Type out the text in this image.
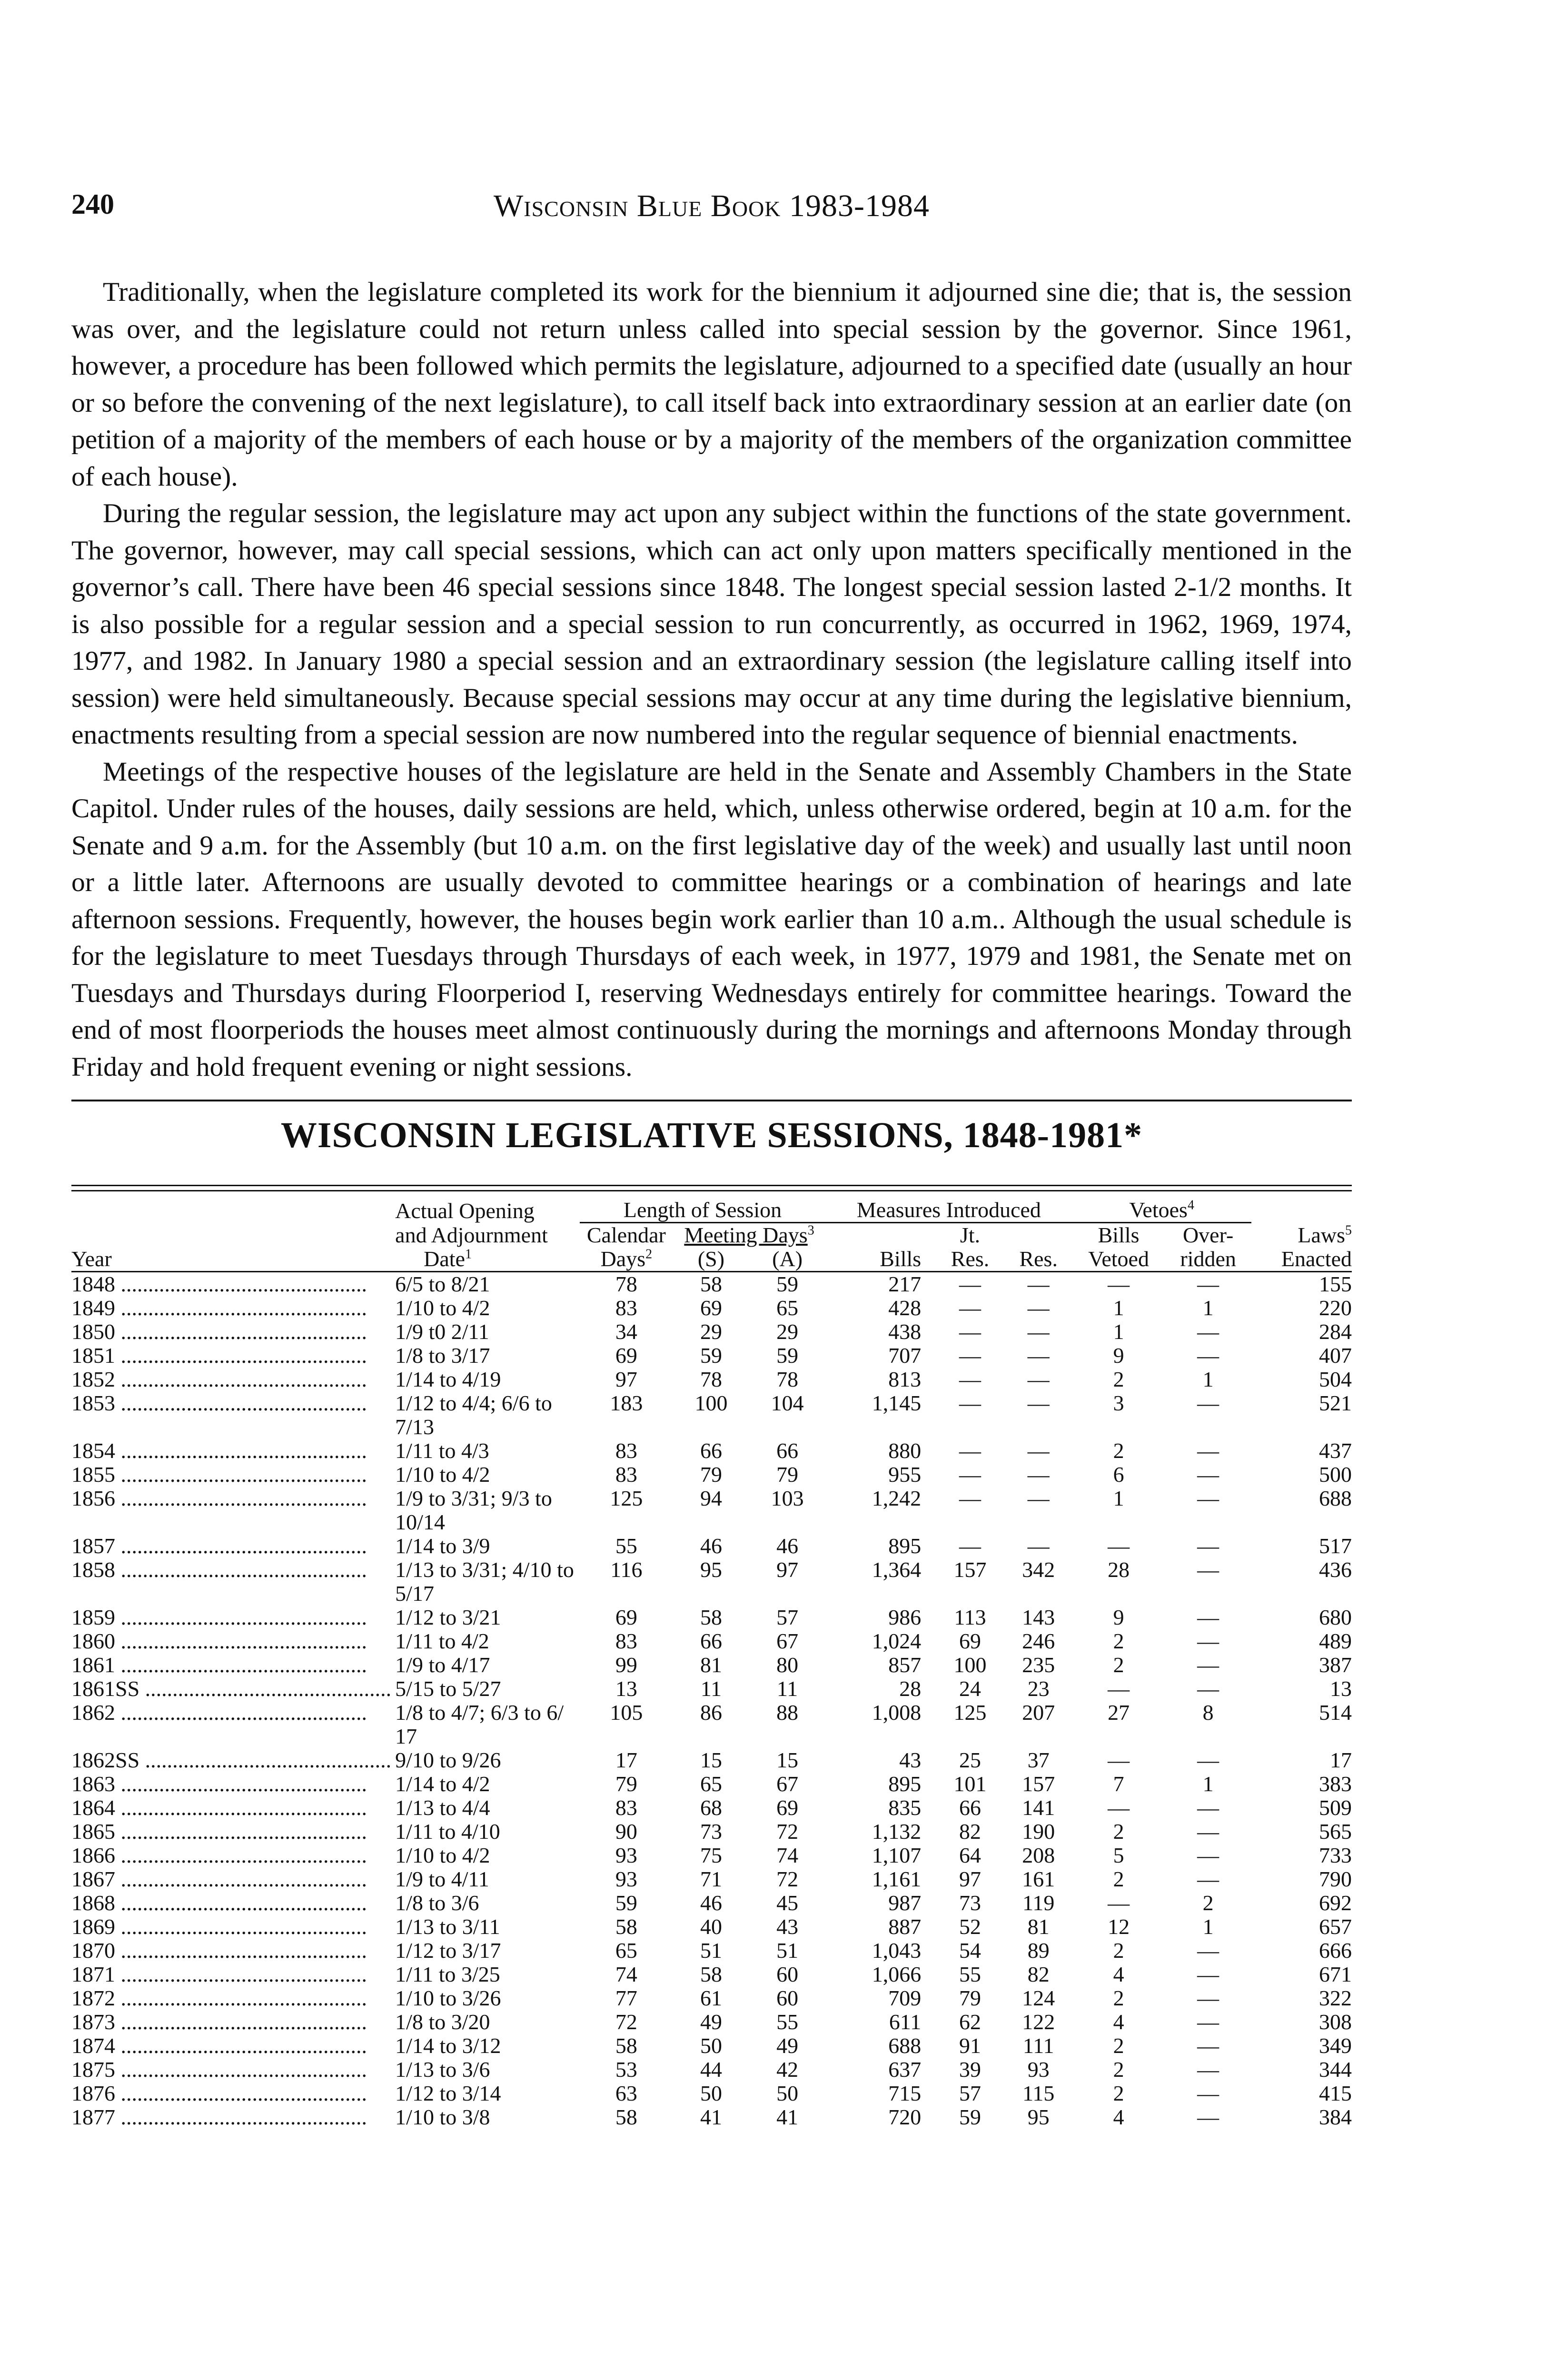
240	Wisconsin Blue Book 1983-1984

Traditionally, when the legislature completed its work for the biennium it adjourned sine die; that is, the session was over, and the legislature could not return unless called into special session by the governor. Since 1961, however, a procedure has been followed which permits the legislature, adjourned to a specified date (usually an hour or so before the convening of the next legislature), to call itself back into extraordinary session at an earlier date (on petition of a majority of the members of each house or by a majority of the members of the organization committee of each house).

During the regular session, the legislature may act upon any subject within the functions of the state government. The governor, however, may call special sessions, which can act only upon matters specifically mentioned in the governor’s call. There have been 46 special sessions since 1848. The longest special session lasted 2-1/2 months. It is also possible for a regular session and a special session to run concurrently, as occurred in 1962, 1969, 1974, 1977, and 1982. In January 1980 a special session and an extraordinary session (the legislature calling itself into session) were held simultaneously. Because special sessions may occur at any time during the legislative biennium, enactments resulting from a special session are now numbered into the regular sequence of biennial enactments.

Meetings of the respective houses of the legislature are held in the Senate and Assembly Chambers in the State Capitol. Under rules of the houses, daily sessions are held, which, unless otherwise ordered, begin at 10 a.m. for the Senate and 9 a.m. for the Assembly (but 10 a.m. on the first legislative day of the week) and usually last until noon or a little later. Afternoons are usually devoted to committee hearings or a combination of hearings and late afternoon sessions. Frequently, however, the houses begin work earlier than 10 a.m.. Although the usual schedule is for the legislature to meet Tuesdays through Thursdays of each week, in 1977, 1979 and 1981, the Senate met on Tuesdays and Thursdays during Floorperiod I, reserving Wednesdays entirely for committee hearings. Toward the end of most floorperiods the houses meet almost continuously during the mornings and afternoons Monday through Friday and hold frequent evening or night sessions.

WISCONSIN LEGISLATIVE SESSIONS, 1848-1981*
	Actual Opening	Length of Session			Measures Introduced			Vetoes$^4$	
	and Adjournment	Calendar	Meeting Days$^3$			Jt.		Bills	Over-	Laws$^5$
Year	Date$^1$	Days$^2$	(S)	(A)	Bills	Res.	Res.	Vetoed	ridden	Enacted
1848 .....	6/5 to 8/21	78	58	59	217	—	—	—	—	155
1849 .....	1/10 to 4/2	83	69	65	428	—	—	1	1	220
1850 .....	1/9 t0 2/11	34	29	29	438	—	—	1	—	284
1851 .....	1/8 to 3/17	69	59	59	707	—	—	9	—	407
1852 .....	1/14 to 4/19	97	78	78	813	—	—	2	1	504
1853 .....	1/12 to 4/4; 6/6 to 7/13	183	100	104	1,145	—	—	3	—	521
1854 .....	1/11 to 4/3	83	66	66	880	—	—	2	—	437
1855 .....	1/10 to 4/2	83	79	79	955	—	—	6	—	500
1856 .....	1/9 to 3/31; 9/3 to 10/14	125	94	103	1,242	—	—	1	—	688
1857 .....	1/14 to 3/9	55	46	46	895	—	—	—	—	517
1858 .....	1/13 to 3/31; 4/10 to 5/17	116	95	97	1,364	157	342	28	—	436
1859 .....	1/12 to 3/21	69	58	57	986	113	143	9	—	680
1860 .....	1/11 to 4/2	83	66	67	1,024	69	246	2	—	489
1861 .....	1/9 to 4/17	99	81	80	857	100	235	2	—	387
1861SS .....	5/15 to 5/27	13	11	11	28	24	23	—	—	13
1862 .....	1/8 to 4/7; 6/3 to 6/ 17	105	86	88	1,008	125	207	27	8	514
1862SS .....	9/10 to 9/26	17	15	15	43	25	37	—	—	17
1863 .....	1/14 to 4/2	79	65	67	895	101	157	7	1	383
1864 .....	1/13 to 4/4	83	68	69	835	66	141	—	—	509
1865 .....	1/11 to 4/10	90	73	72	1,132	82	190	2	—	565
1866 .....	1/10 to 4/2	93	75	74	1,107	64	208	5	—	733
1867 .....	1/9 to 4/11	93	71	72	1,161	97	161	2	—	790
1868 .....	1/8 to 3/6	59	46	45	987	73	119	—	2	692
1869 .....	1/13 to 3/11	58	40	43	887	52	81	12	1	657
1870 .....	1/12 to 3/17	65	51	51	1,043	54	89	2	—	666
1871 .....	1/11 to 3/25	74	58	60	1,066	55	82	4	—	671
1872 .....	1/10 to 3/26	77	61	60	709	79	124	2	—	322
1873 .....	1/8 to 3/20	72	49	55	611	62	122	4	—	308
1874 .....	1/14 to 3/12	58	50	49	688	91	111	2	—	349
1875 .....	1/13 to 3/6	53	44	42	637	39	93	2	—	344
1876 .....	1/12 to 3/14	63	50	50	715	57	115	2	—	415
1877 .....	1/10 to 3/8	58	41	41	720	59	95	4	—	384
